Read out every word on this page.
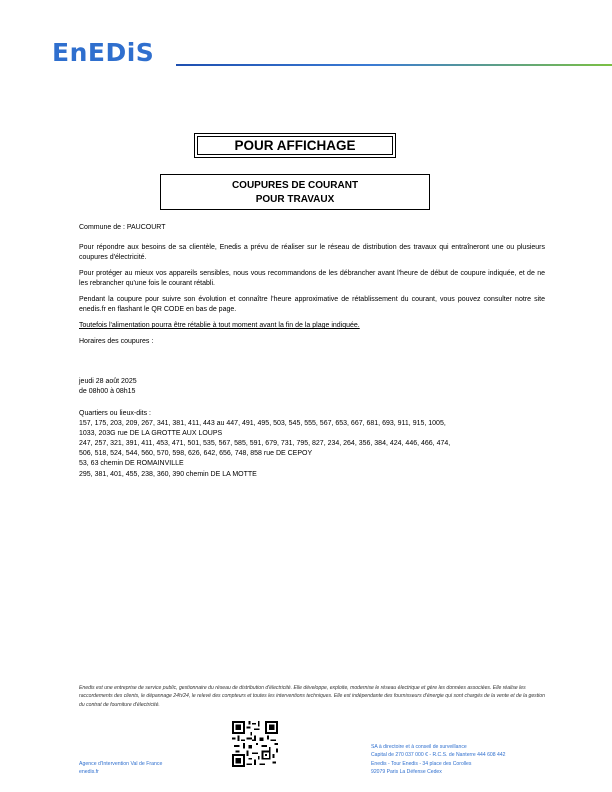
EnEDiS
POUR AFFICHAGE
COUPURES DE COURANT
POUR TRAVAUX

Commune de : PAUCOURT

Pour répondre aux besoins de sa clientèle, Enedis a prévu de réaliser sur le réseau de distribution des travaux qui entraîneront une ou plusieurs coupures d'électricité.

Pour protéger au mieux vos appareils sensibles, nous vous recommandons de les débrancher avant l'heure de début de coupure indiquée, et de ne les rebrancher qu'une fois le courant rétabli.

Pendant la coupure pour suivre son évolution et connaître l'heure approximative de rétablissement du courant, vous pouvez consulter notre site enedis.fr en flashant le QR CODE en bas de page.

Toutefois l'alimentation pourra être rétablie à tout moment avant la fin de la plage indiquée.

Horaires des coupures :

jeudi 28 août 2025
de 08h00 à 08h15
Quartiers ou lieux-dits :
157, 175, 203, 209, 267, 341, 381, 411, 443 au 447, 491, 495, 503, 545, 555, 567, 653, 667, 681, 693, 911, 915, 1005,
1033, 203G rue DE LA GROTTE AUX LOUPS
247, 257, 321, 391, 411, 453, 471, 501, 535, 567, 585, 591, 679, 731, 795, 827, 234, 264, 356, 384, 424, 446, 466, 474,
506, 518, 524, 544, 560, 570, 598, 626, 642, 656, 748, 858 rue DE CEPOY
53, 63 chemin DE ROMAINVILLE
295, 381, 401, 455, 238, 360, 390 chemin DE LA MOTTE
Enedis est une entreprise de service public, gestionnaire du réseau de distribution d'électricité. Elle développe, exploite, modernise le réseau électrique et gère les données associées. Elle réalise les raccordements des clients, le dépannage 24h/24, le relevé des compteurs et toutes les interventions techniques. Elle est indépendante des fournisseurs d'énergie qui sont chargés de la vente et de la gestion du contrat de fourniture d'électricité.
Agence d'Intervention Val de France
enedis.fr
SA à directoire et à conseil de surveillance
Capital de 270 037 000 € - R.C.S. de Nanterre 444 608 442
Enedis - Tour Enedis - 34 place des Corolles
92079 Paris La Défense Cedex
